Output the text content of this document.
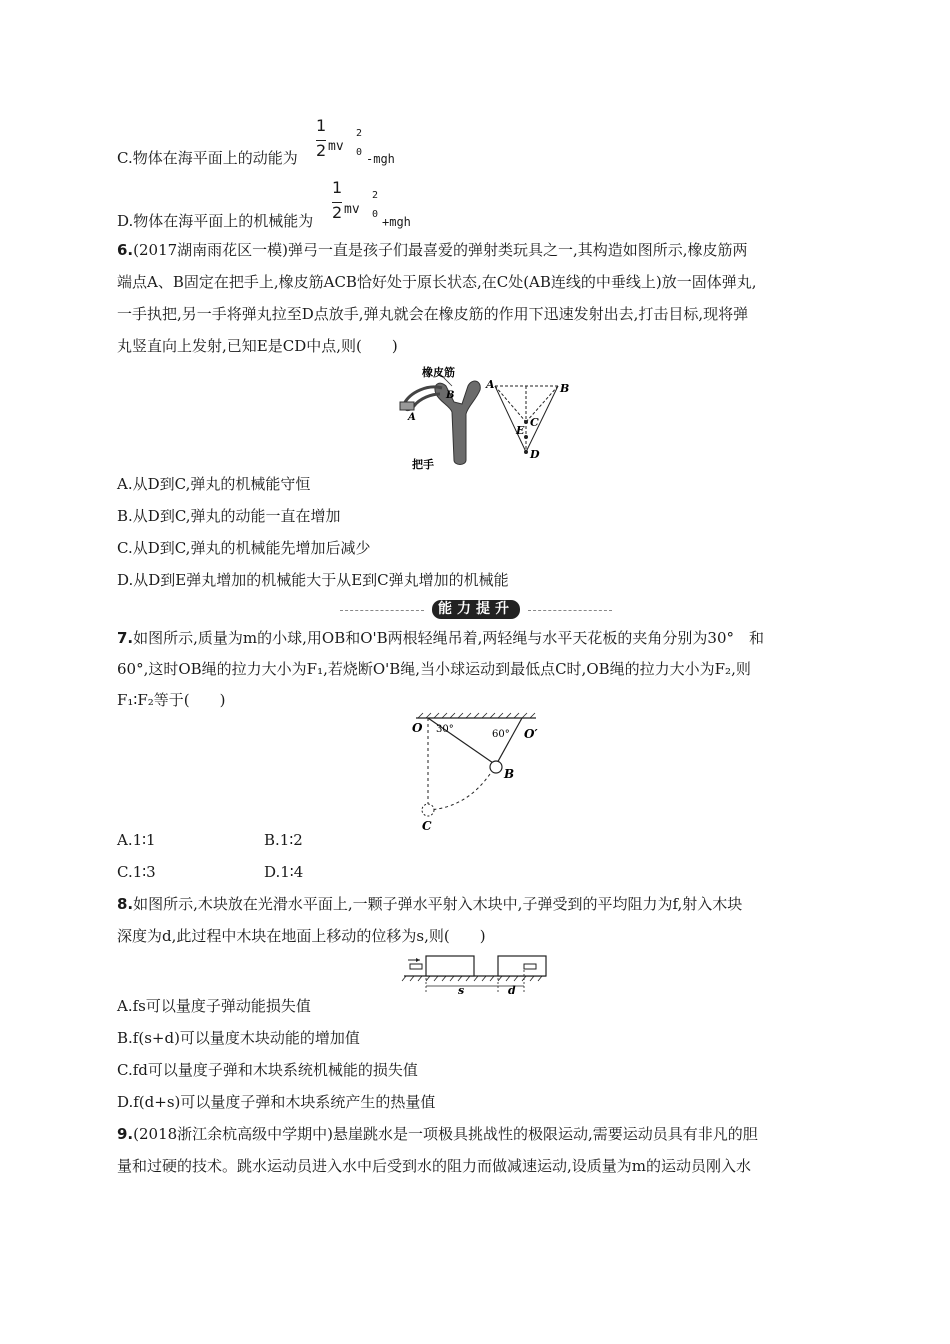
1
2 mv 0
2
C.物体在海平面上的动能为	-mgh
1
2 mv 0
2
D.物体在海平面上的机械能为	+mgh
6.(2017湖南雨花区一模)弹弓一直是孩子们最喜爱的弹射类玩具之一,其构造如图所示,橡皮筋两
端点A、B固定在把手上,橡皮筋ACB恰好处于原长状态,在C处(AB连线的中垂线上)放一固体弹丸,
一手执把,另一手将弹丸拉至D点放手,弹丸就会在橡皮筋的作用下迅速发射出去,打击目标,现将弹
丸竖直向上发射,已知E是CD中点,则(　　)
橡皮筋
B
A
把手
A	B
C
E
D
A.从D到C,弹丸的机械能守恒
B.从D到C,弹丸的动能一直在增加
C.从D到C,弹丸的机械能先增加后减少
D.从D到E弹丸增加的机械能大于从E到C弹丸增加的机械能
能力提升
7.如图所示,质量为m的小球,用OB和O'B两根轻绳吊着,两轻绳与水平天花板的夹角分别为30°　和
60°,这时OB绳的拉力大小为F₁,若烧断O'B绳,当小球运动到最低点C时,OB绳的拉力大小为F₂,则
F₁∶F₂等于(　　)
O 30°	60° O′
B
C
A.1∶1	B.1∶2
C.1∶3	D.1∶4
8.如图所示,木块放在光滑水平面上,一颗子弹水平射入木块中,子弹受到的平均阻力为f,射入木块
深度为d,此过程中木块在地面上移动的位移为s,则(　　)
s	d
A.fs可以量度子弹动能损失值
B.f(s+d)可以量度木块动能的增加值
C.fd可以量度子弹和木块系统机械能的损失值
D.f(d+s)可以量度子弹和木块系统产生的热量值
9.(2018浙江余杭高级中学期中)悬崖跳水是一项极具挑战性的极限运动,需要运动员具有非凡的胆
量和过硬的技术。跳水运动员进入水中后受到水的阻力而做减速运动,设质量为m的运动员刚入水
